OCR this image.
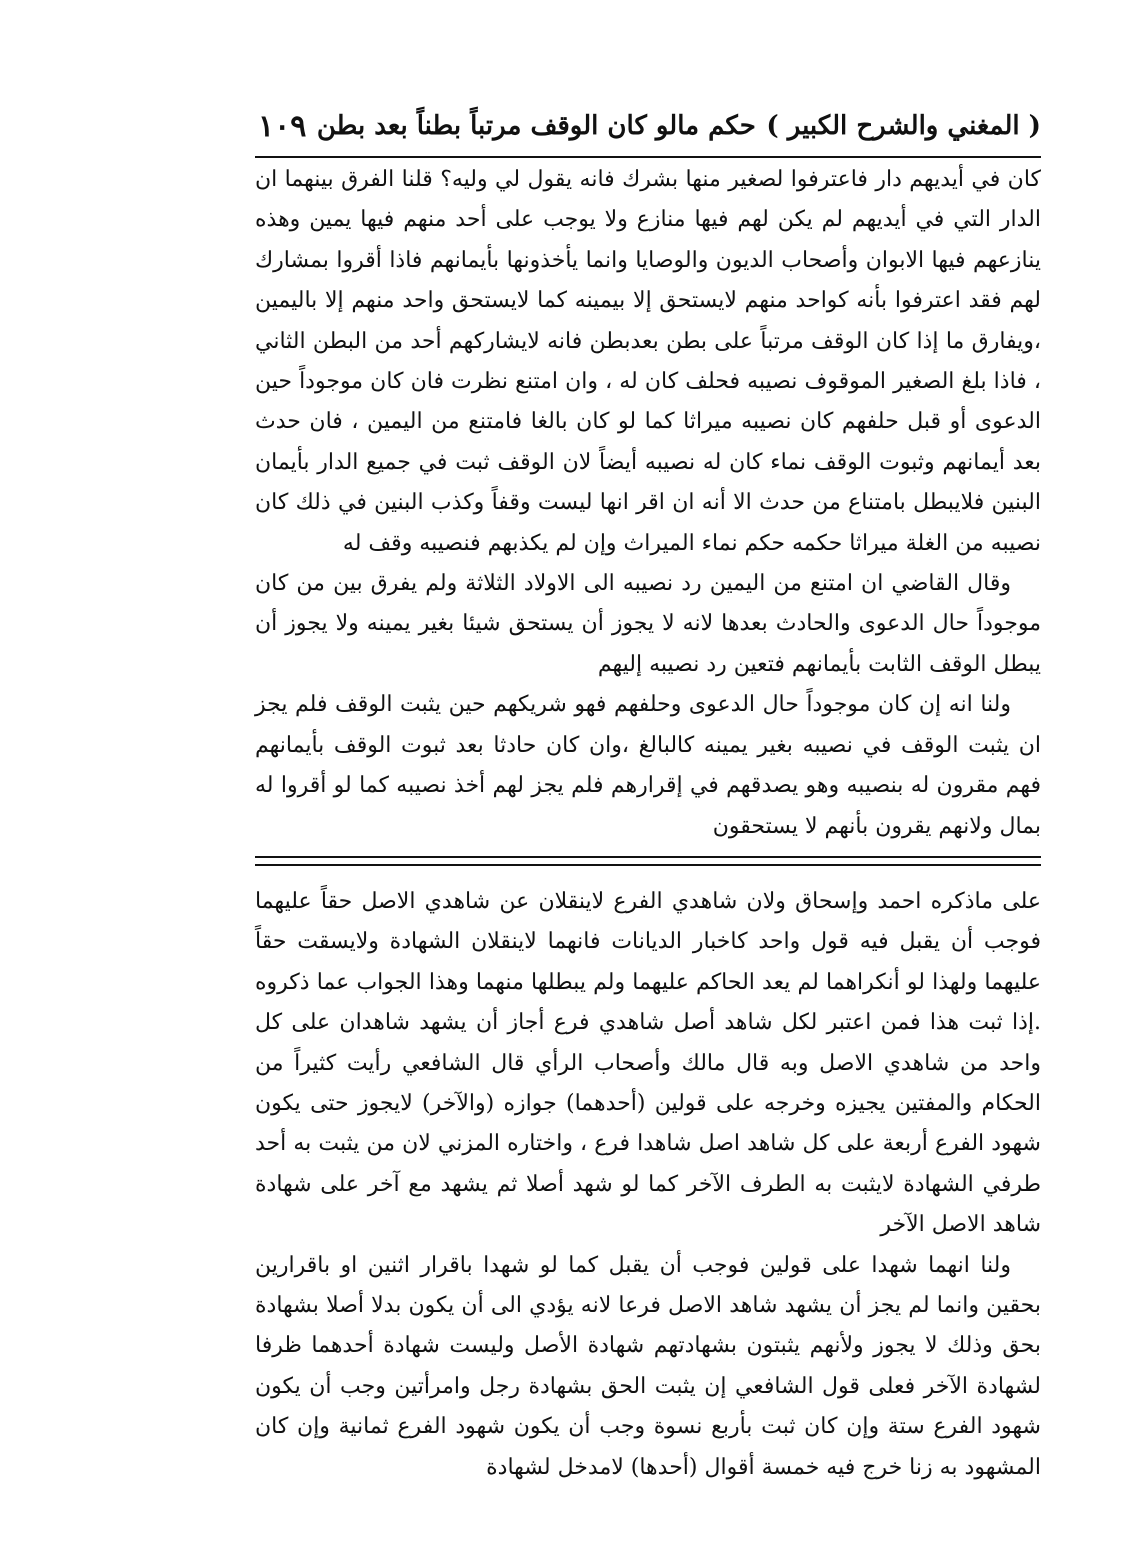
( المغني والشرح الكبير )
حكم مالو كان الوقف مرتباً بطناً بعد بطن
١٠٩

كان في أيديهم دار فاعترفوا لصغير منها بشرك فانه يقول لي وليه؟ قلنا الفرق بينهما ان الدار التي في أيديهم لم يكن لهم فيها منازع ولا يوجب على أحد منهم فيها يمين وهذه ينازعهم فيها الابوان وأصحاب الديون والوصايا وانما يأخذونها بأيمانهم فاذا أقروا بمشارك لهم فقد اعترفوا بأنه كواحد منهم لايستحق إلا بيمينه كما لايستحق واحد منهم إلا باليمين ،ويفارق ما إذا كان الوقف مرتباً على بطن بعدبطن فانه لايشاركهم أحد من البطن الثاني ، فاذا بلغ الصغير الموقوف نصيبه فحلف كان له ، وان امتنع نظرت فان كان موجوداً حين الدعوى أو قبل حلفهم كان نصيبه ميراثا كما لو كان بالغا فامتنع من اليمين ، فان حدث بعد أيمانهم وثبوت الوقف نماء كان له نصيبه أيضاً لان الوقف ثبت في جميع الدار بأيمان البنين فلايبطل بامتناع من حدث الا أنه ان اقر انها ليست وقفاً وكذب البنين في ذلك كان نصيبه من الغلة ميراثا حكمه حكم نماء الميراث وإن لم يكذبهم فنصيبه وقف له

وقال القاضي ان امتنع من اليمين رد نصيبه الى الاولاد الثلاثة ولم يفرق بين من كان موجوداً حال الدعوى والحادث بعدها لانه لا يجوز أن يستحق شيئا بغير يمينه ولا يجوز أن يبطل الوقف الثابت بأيمانهم فتعين رد نصيبه إليهم

ولنا انه إن كان موجوداً حال الدعوى وحلفهم فهو شريكهم حين يثبت الوقف فلم يجز ان يثبت الوقف في نصيبه بغير يمينه كالبالغ ،وان كان حادثا بعد ثبوت الوقف بأيمانهم فهم مقرون له بنصيبه وهو يصدقهم في إقرارهم فلم يجز لهم أخذ نصيبه كما لو أقروا له بمال ولانهم يقرون بأنهم لا يستحقون

على ماذكره احمد وإسحاق ولان شاهدي الفرع لاينقلان عن شاهدي الاصل حقاً عليهما فوجب أن يقبل فيه قول واحد كاخبار الديانات فانهما لاينقلان الشهادة ولايسقت حقاً عليهما ولهذا لو أنكراهما لم يعد الحاكم عليهما ولم يبطلها منهما وهذا الجواب عما ذكروه .إذا ثبت هذا فمن اعتبر لكل شاهد أصل شاهدي فرع أجاز أن يشهد شاهدان على كل واحد من شاهدي الاصل وبه قال مالك وأصحاب الرأي قال الشافعي رأيت كثيراً من الحكام والمفتين يجيزه وخرجه على قولين (أحدهما) جوازه (والآخر) لايجوز حتى يكون شهود الفرع أربعة على كل شاهد اصل شاهدا فرع ، واختاره المزني لان من يثبت به أحد طرفي الشهادة لايثبت به الطرف الآخر كما لو شهد أصلا ثم يشهد مع آخر على شهادة شاهد الاصل الآخر

ولنا انهما شهدا على قولين فوجب أن يقبل كما لو شهدا باقرار اثنين او باقرارين بحقين وانما لم يجز أن يشهد شاهد الاصل فرعا لانه يؤدي الى أن يكون بدلا أصلا بشهادة بحق وذلك لا يجوز ولأنهم يثبتون بشهادتهم شهادة الأصل وليست شهادة أحدهما ظرفا لشهادة الآخر فعلى قول الشافعي إن يثبت الحق بشهادة رجل وامرأتين وجب أن يكون شهود الفرع ستة وإن كان ثبت بأربع نسوة وجب أن يكون شهود الفرع ثمانية وإن كان المشهود به زنا خرج فيه خمسة أقوال (أحدها) لامدخل لشهادة
